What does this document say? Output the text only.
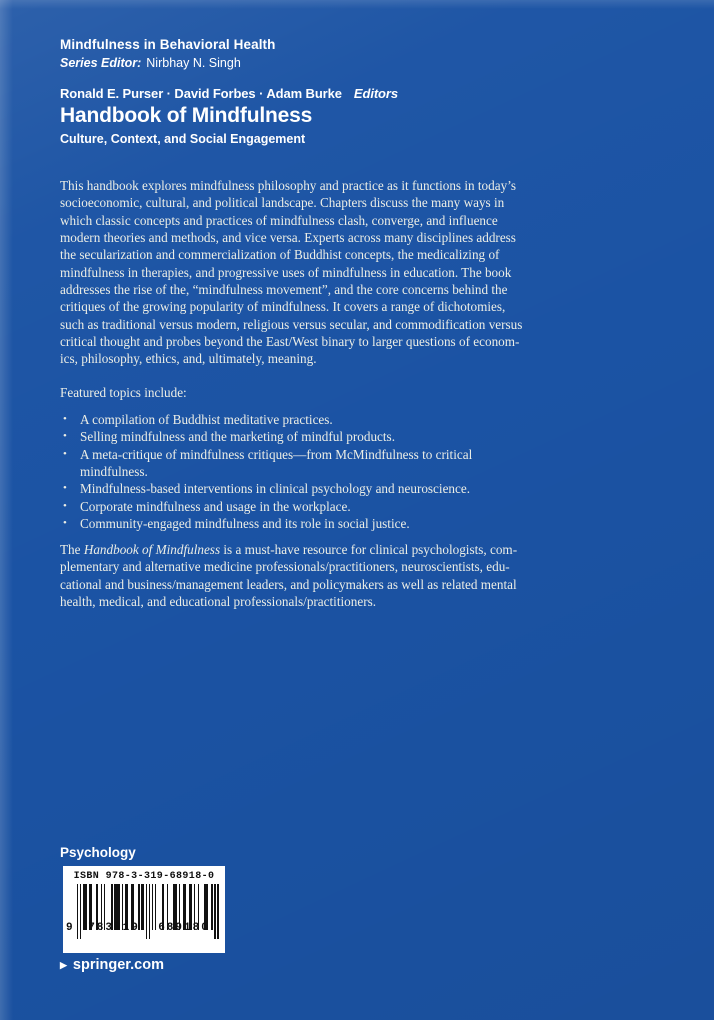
Mindfulness in Behavioral Health
Series Editor: Nirbhay N. Singh
Ronald E. Purser · David Forbes · Adam Burke Editors
Handbook of Mindfulness
Culture, Context, and Social Engagement
This handbook explores mindfulness philosophy and practice as it functions in today’s
socioeconomic, cultural, and political landscape. Chapters discuss the many ways in
which classic concepts and practices of mindfulness clash, converge, and influence
modern theories and methods, and vice versa. Experts across many disciplines address
the secularization and commercialization of Buddhist concepts, the medicalizing of
mindfulness in therapies, and progressive uses of mindfulness in education. The book
addresses the rise of the, “mindfulness movement”, and the core concerns behind the
critiques of the growing popularity of mindfulness. It covers a range of dichotomies,
such as traditional versus modern, religious versus secular, and commodification versus
critical thought and probes beyond the East/West binary to larger questions of econom-
ics, philosophy, ethics, and, ultimately, meaning.
Featured topics include:
• A compilation of Buddhist meditative practices.
• Selling mindfulness and the marketing of mindful products.
• A meta-critique of mindfulness critiques—from McMindfulness to critical
mindfulness.
• Mindfulness-based interventions in clinical psychology and neuroscience.
• Corporate mindfulness and usage in the workplace.
• Community-engaged mindfulness and its role in social justice.
The Handbook of Mindfulness is a must-have resource for clinical psychologists, com-
plementary and alternative medicine professionals/practitioners, neuroscientists, edu-
cational and business/management leaders, and policymakers as well as related mental
health, medical, and educational professionals/practitioners.
Psychology
ISBN 978-3-319-68918-0
9	783319	689180
▶ springer.com
